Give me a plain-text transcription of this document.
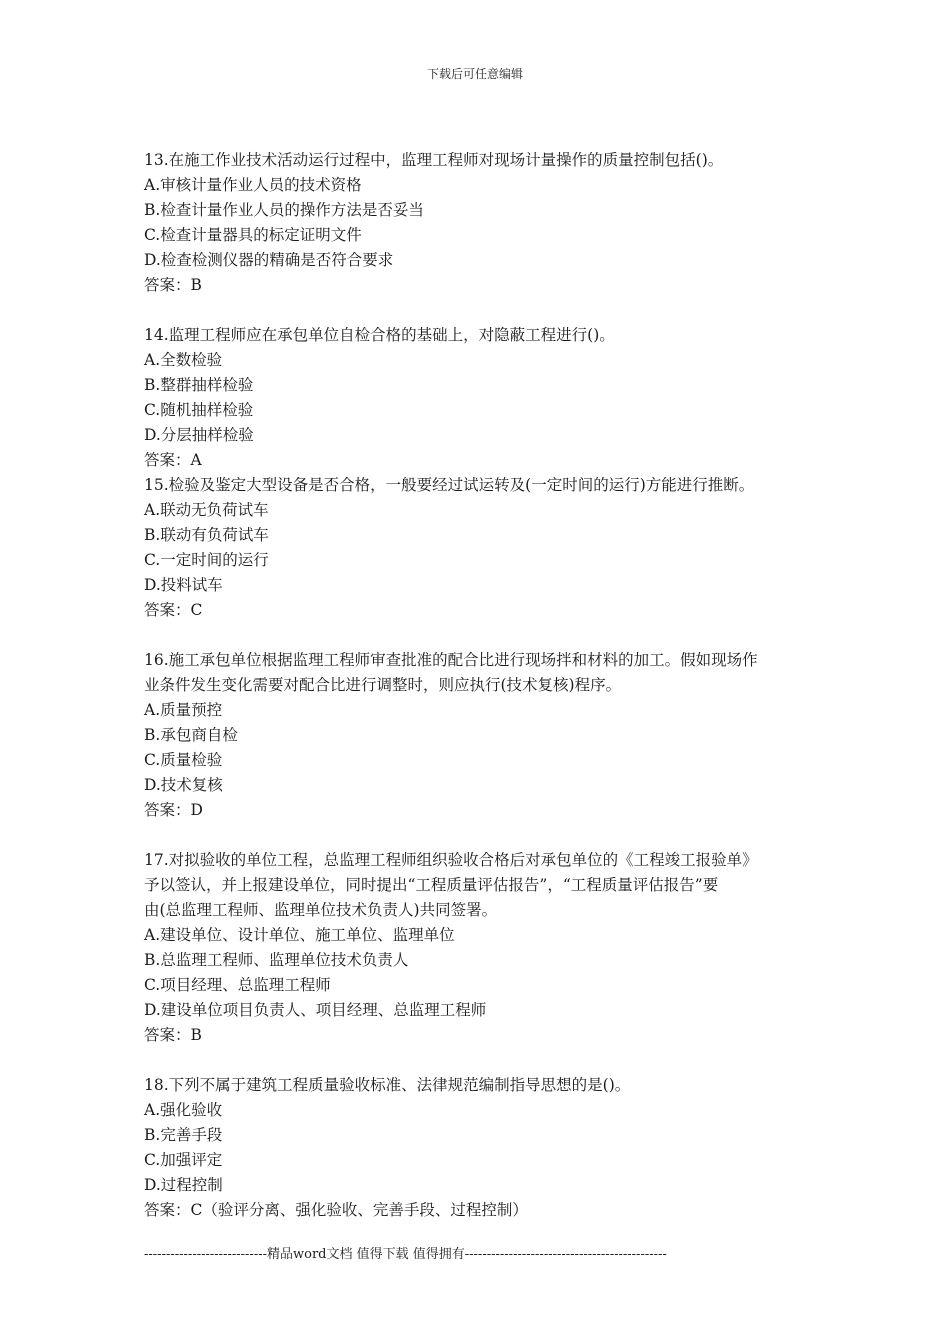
下载后可任意编辑
13.在施工作业技术活动运行过程中，监理工程师对现场计量操作的质量控制包括()。
A.审核计量作业人员的技术资格
B.检查计量作业人员的操作方法是否妥当
C.检查计量器具的标定证明文件
D.检查检测仪器的精确是否符合要求
答案：B
14.监理工程师应在承包单位自检合格的基础上，对隐蔽工程进行()。
A.全数检验
B.整群抽样检验
C.随机抽样检验
D.分层抽样检验
答案：A
15.检验及鉴定大型设备是否合格，一般要经过试运转及(一定时间的运行)方能进行推断。
A.联动无负荷试车
B.联动有负荷试车
C.一定时间的运行
D.投料试车
答案：C
16.施工承包单位根据监理工程师审查批准的配合比进行现场拌和材料的加工。假如现场作
业条件发生变化需要对配合比进行调整时，则应执行(技术复核)程序。
A.质量预控
B.承包商自检
C.质量检验
D.技术复核
答案：D
17.对拟验收的单位工程，总监理工程师组织验收合格后对承包单位的《工程竣工报验单》
予以签认，并上报建设单位，同时提出“工程质量评估报告”，“工程质量评估报告”要
由(总监理工程师、监理单位技术负责人)共同签署。
A.建设单位、设计单位、施工单位、监理单位
B.总监理工程师、监理单位技术负责人
C.项目经理、总监理工程师
D.建设单位项目负责人、项目经理、总监理工程师
答案：B
18.下列不属于建筑工程质量验收标准、法律规范编制指导思想的是()。
A.强化验收
B.完善手段
C.加强评定
D.过程控制
答案：C（验评分离、强化验收、完善手段、过程控制）
----------------------------精品word文档 值得下载 值得拥有----------------------------------------------
